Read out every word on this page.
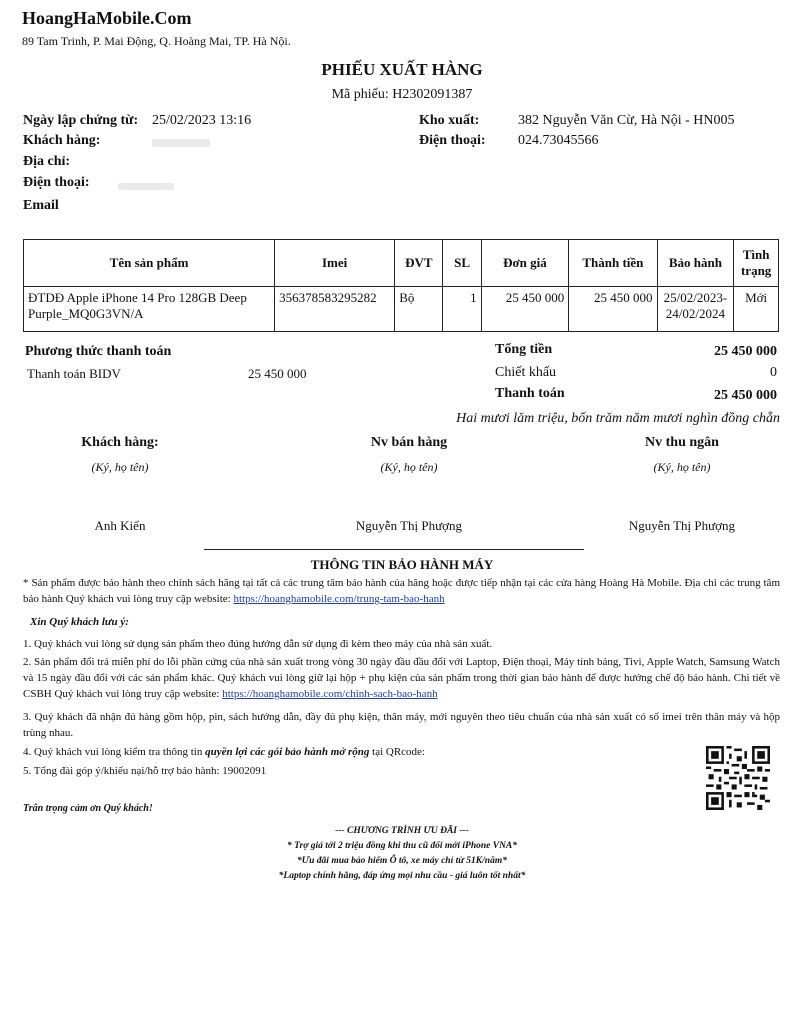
HoangHaMobile.Com
89 Tam Trinh, P. Mai Động, Q. Hoàng Mai, TP. Hà Nội.
PHIẾU XUẤT HÀNG
Mã phiếu: H2302091387
Ngày lập chứng từ: 25/02/2023 13:16
Khách hàng:
Địa chỉ:
Điện thoại:
Email
Kho xuất:	382 Nguyễn Văn Cừ, Hà Nội - HN005
Điện thoại: 024.73045566
Tên sản phẩm	Imei	ĐVT	SL	Đơn giá	Thành tiền	Bảo hành	Tình trạng
ĐTDĐ Apple iPhone 14 Pro 128GB Deep Purple_MQ0G3VN/A	356378583295282	Bộ	1	25 450 000	25 450 000	25/02/2023-24/02/2024	Mới
Phương thức thanh toán
Thanh toán BIDV	25 450 000
Tổng tiền	25 450 000
Chiết khấu	0
Thanh toán	25 450 000
Hai mươi lăm triệu, bốn trăm năm mươi nghìn đồng chẵn
Khách hàng:
(Ký, họ tên)
Anh Kiển
Nv bán hàng
(Ký, họ tên)
Nguyễn Thị Phượng
Nv thu ngân
(Ký, họ tên)
Nguyễn Thị Phượng
THÔNG TIN BẢO HÀNH MÁY
* Sản phẩm được bảo hành theo chính sách hãng tại tất cả các trung tâm bảo hành của hãng hoặc được tiếp nhận tại các cửa hàng Hoàng Hà Mobile. Địa chỉ các trung tâm bảo hành Quý khách vui lòng truy cập website: https://hoanghamobile.com/trung-tam-bao-hanh
Xin Quý khách lưu ý:
1. Quý khách vui lòng sử dụng sản phẩm theo đúng hướng dẫn sử dụng đi kèm theo máy của nhà sản xuất.
2. Sản phẩm đổi trả miễn phí do lỗi phần cứng của nhà sản xuất trong vòng 30 ngày đầu đầu đổi với Laptop, Điện thoại, Máy tính bảng, Tivi, Apple Watch, Samsung Watch và 15 ngày đầu đổi với các sản phẩm khác. Quý khách vui lòng giữ lại hộp + phụ kiện của sản phẩm trong thời gian bảo hành để được hưởng chế độ bảo hành. Chi tiết về CSBH Quý khách vui lòng truy cập website: https://hoanghamobile.com/chinh-sach-bao-hanh
3. Quý khách đã nhận đủ hàng gồm hộp, pin, sách hướng dẫn, đầy đủ phụ kiện, thân máy, mới nguyên theo tiêu chuẩn của nhà sản xuất có số imei trên thân máy và hộp trùng nhau.
4. Quý khách vui lòng kiểm tra thông tin quyền lợi các gói bảo hành mở rộng tại QRcode:
5. Tổng đài góp ý/khiếu nại/hỗ trợ bảo hành: 19002091
Trân trọng cảm ơn Quý khách!
--- CHƯƠNG TRÌNH ƯU ĐÃI ---
* Trợ giá tới 2 triệu đồng khi thu cũ đổi mới iPhone VNA*
*Ưu đãi mua bảo hiểm Ô tô, xe máy chỉ từ 51K/năm*
*Laptop chính hãng, đáp ứng mọi nhu cầu - giá luôn tốt nhất*
